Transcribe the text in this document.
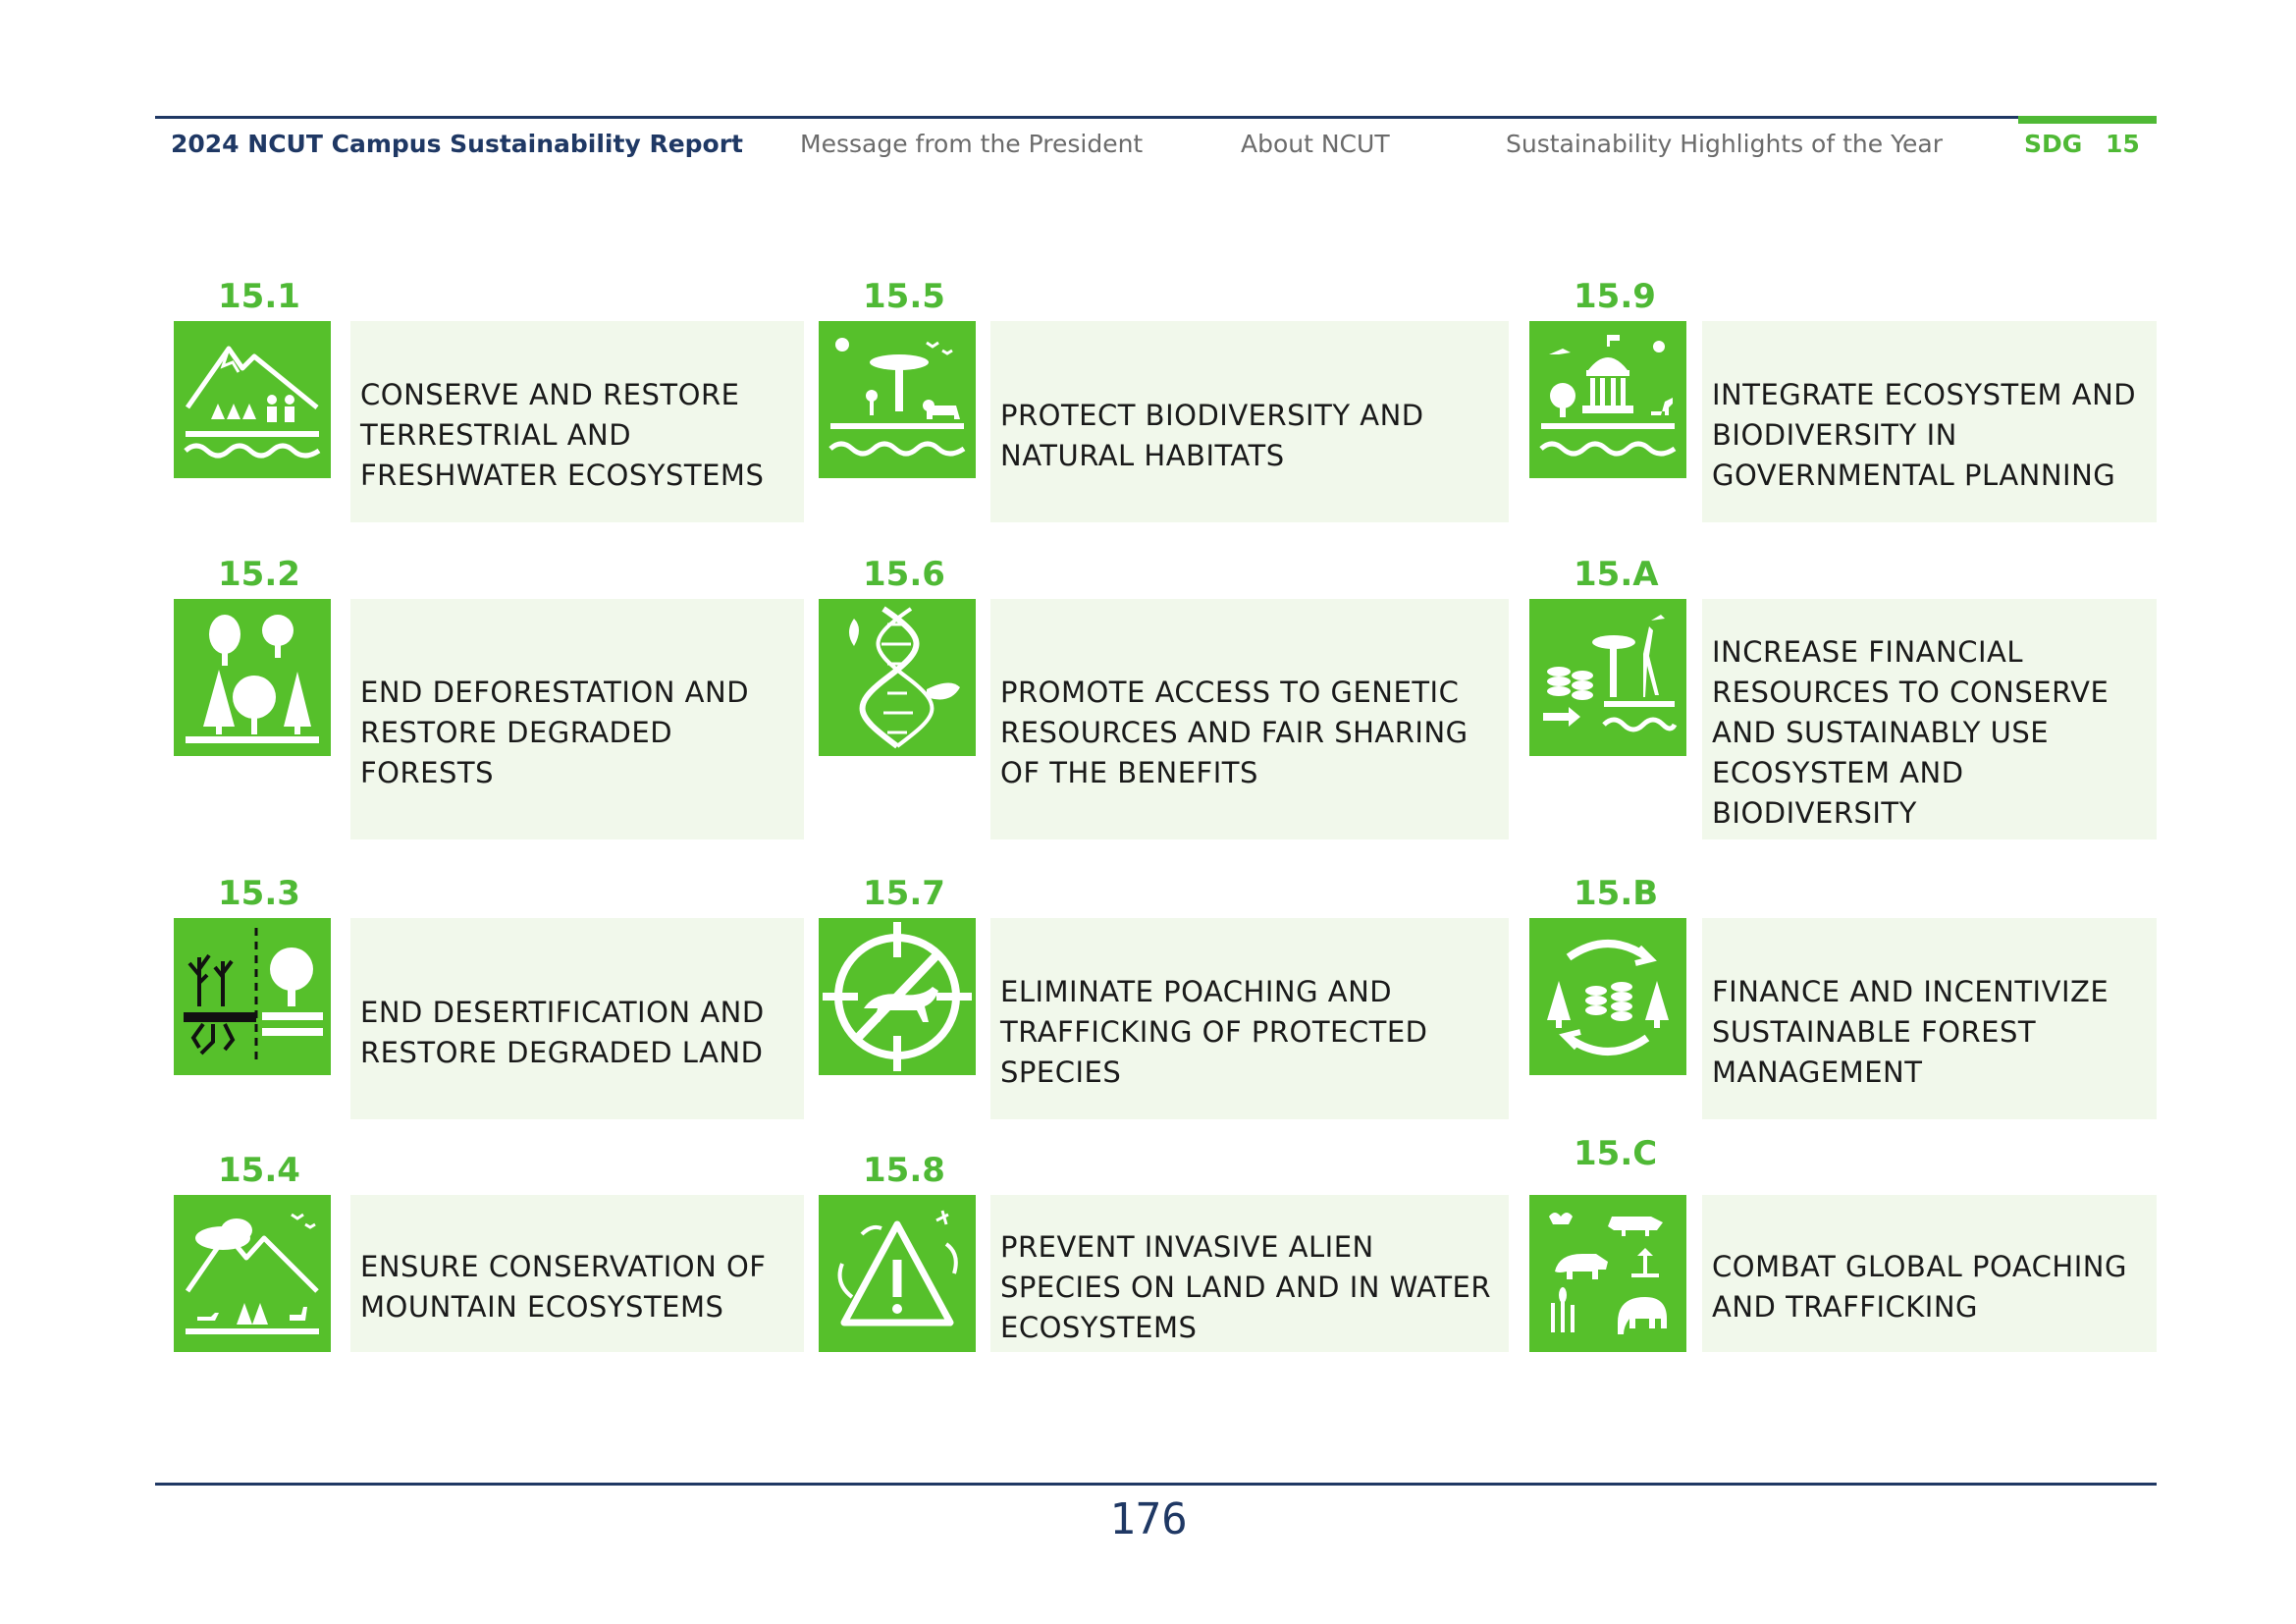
2024 NCUT Campus Sustainability Report Message from the President	About NCUT	Sustainability Highlights of the Year	SDG 15
15.1
CONSERVE AND RESTORE TERRESTRIAL AND FRESHWATER ECOSYSTEMS
15.2
END DEFORESTATION AND RESTORE DEGRADED FORESTS
15.3
END DESERTIFICATION AND RESTORE DEGRADED LAND
15.4
ENSURE CONSERVATION OF MOUNTAIN ECOSYSTEMS
15.5
PROTECT BIODIVERSITY AND NATURAL HABITATS
15.6
PROMOTE ACCESS TO GENETIC RESOURCES AND FAIR SHARING OF THE BENEFITS
15.7
ELIMINATE POACHING AND TRAFFICKING OF PROTECTED SPECIES
15.8
PREVENT INVASIVE ALIEN SPECIES ON LAND AND IN WATER ECOSYSTEMS
15.9
INTEGRATE ECOSYSTEM AND BIODIVERSITY IN GOVERNMENTAL PLANNING
15.A
INCREASE FINANCIAL RESOURCES TO CONSERVE AND SUSTAINABLY USE ECOSYSTEM AND BIODIVERSITY
15.B
FINANCE AND INCENTIVIZE SUSTAINABLE FOREST MANAGEMENT
15.C
COMBAT GLOBAL POACHING AND TRAFFICKING
176
